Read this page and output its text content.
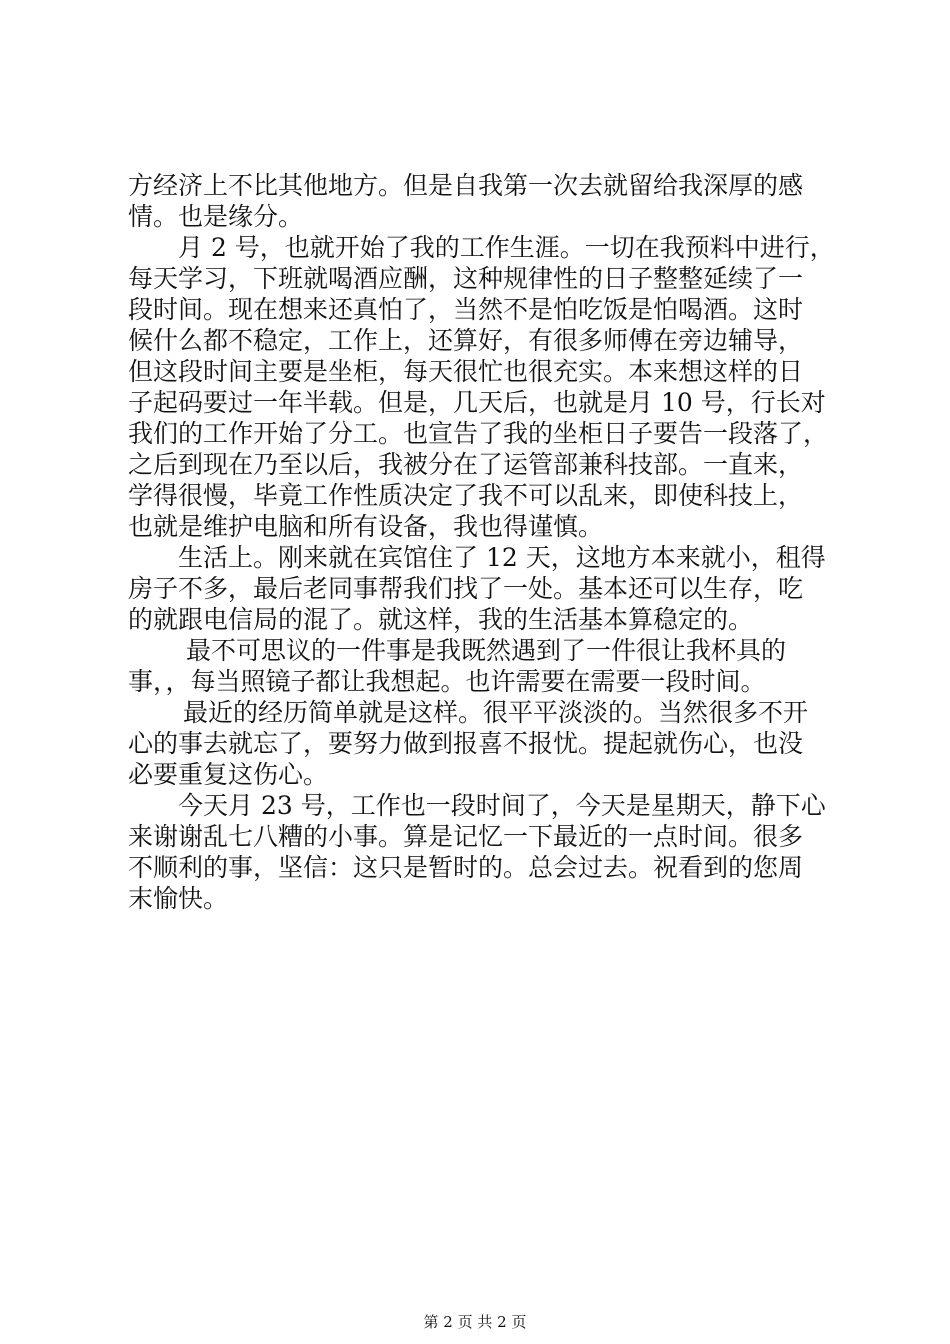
方经济上不比其他地方。但是自我第一次去就留给我深厚的感
情。也是缘分。
月 2 号，也就开始了我的工作生涯。一切在我预料中进行，
每天学习，下班就喝酒应酬，这种规律性的日子整整延续了一
段时间。现在想来还真怕了，当然不是怕吃饭是怕喝酒。这时
候什么都不稳定，工作上，还算好，有很多师傅在旁边辅导，
但这段时间主要是坐柜，每天很忙也很充实。本来想这样的日
子起码要过一年半载。但是，几天后，也就是月 10 号，行长对
我们的工作开始了分工。也宣告了我的坐柜日子要告一段落了，
之后到现在乃至以后，我被分在了运管部兼科技部。一直来，
学得很慢，毕竟工作性质决定了我不可以乱来，即使科技上，
也就是维护电脑和所有设备，我也得谨慎。
生活上。刚来就在宾馆住了 12 天，这地方本来就小，租得
房子不多，最后老同事帮我们找了一处。基本还可以生存，吃
的就跟电信局的混了。就这样，我的生活基本算稳定的。
最不可思议的一件事是我既然遇到了一件很让我杯具的
事，，每当照镜子都让我想起。也许需要在需要一段时间。
最近的经历简单就是这样。很平平淡淡的。当然很多不开
心的事去就忘了，要努力做到报喜不报忧。提起就伤心，也没
必要重复这伤心。
今天月 23 号，工作也一段时间了，今天是星期天，静下心
来谢谢乱七八糟的小事。算是记忆一下最近的一点时间。很多
不顺利的事，坚信：这只是暂时的。总会过去。祝看到的您周
末愉快。
第 2 页 共 2 页
